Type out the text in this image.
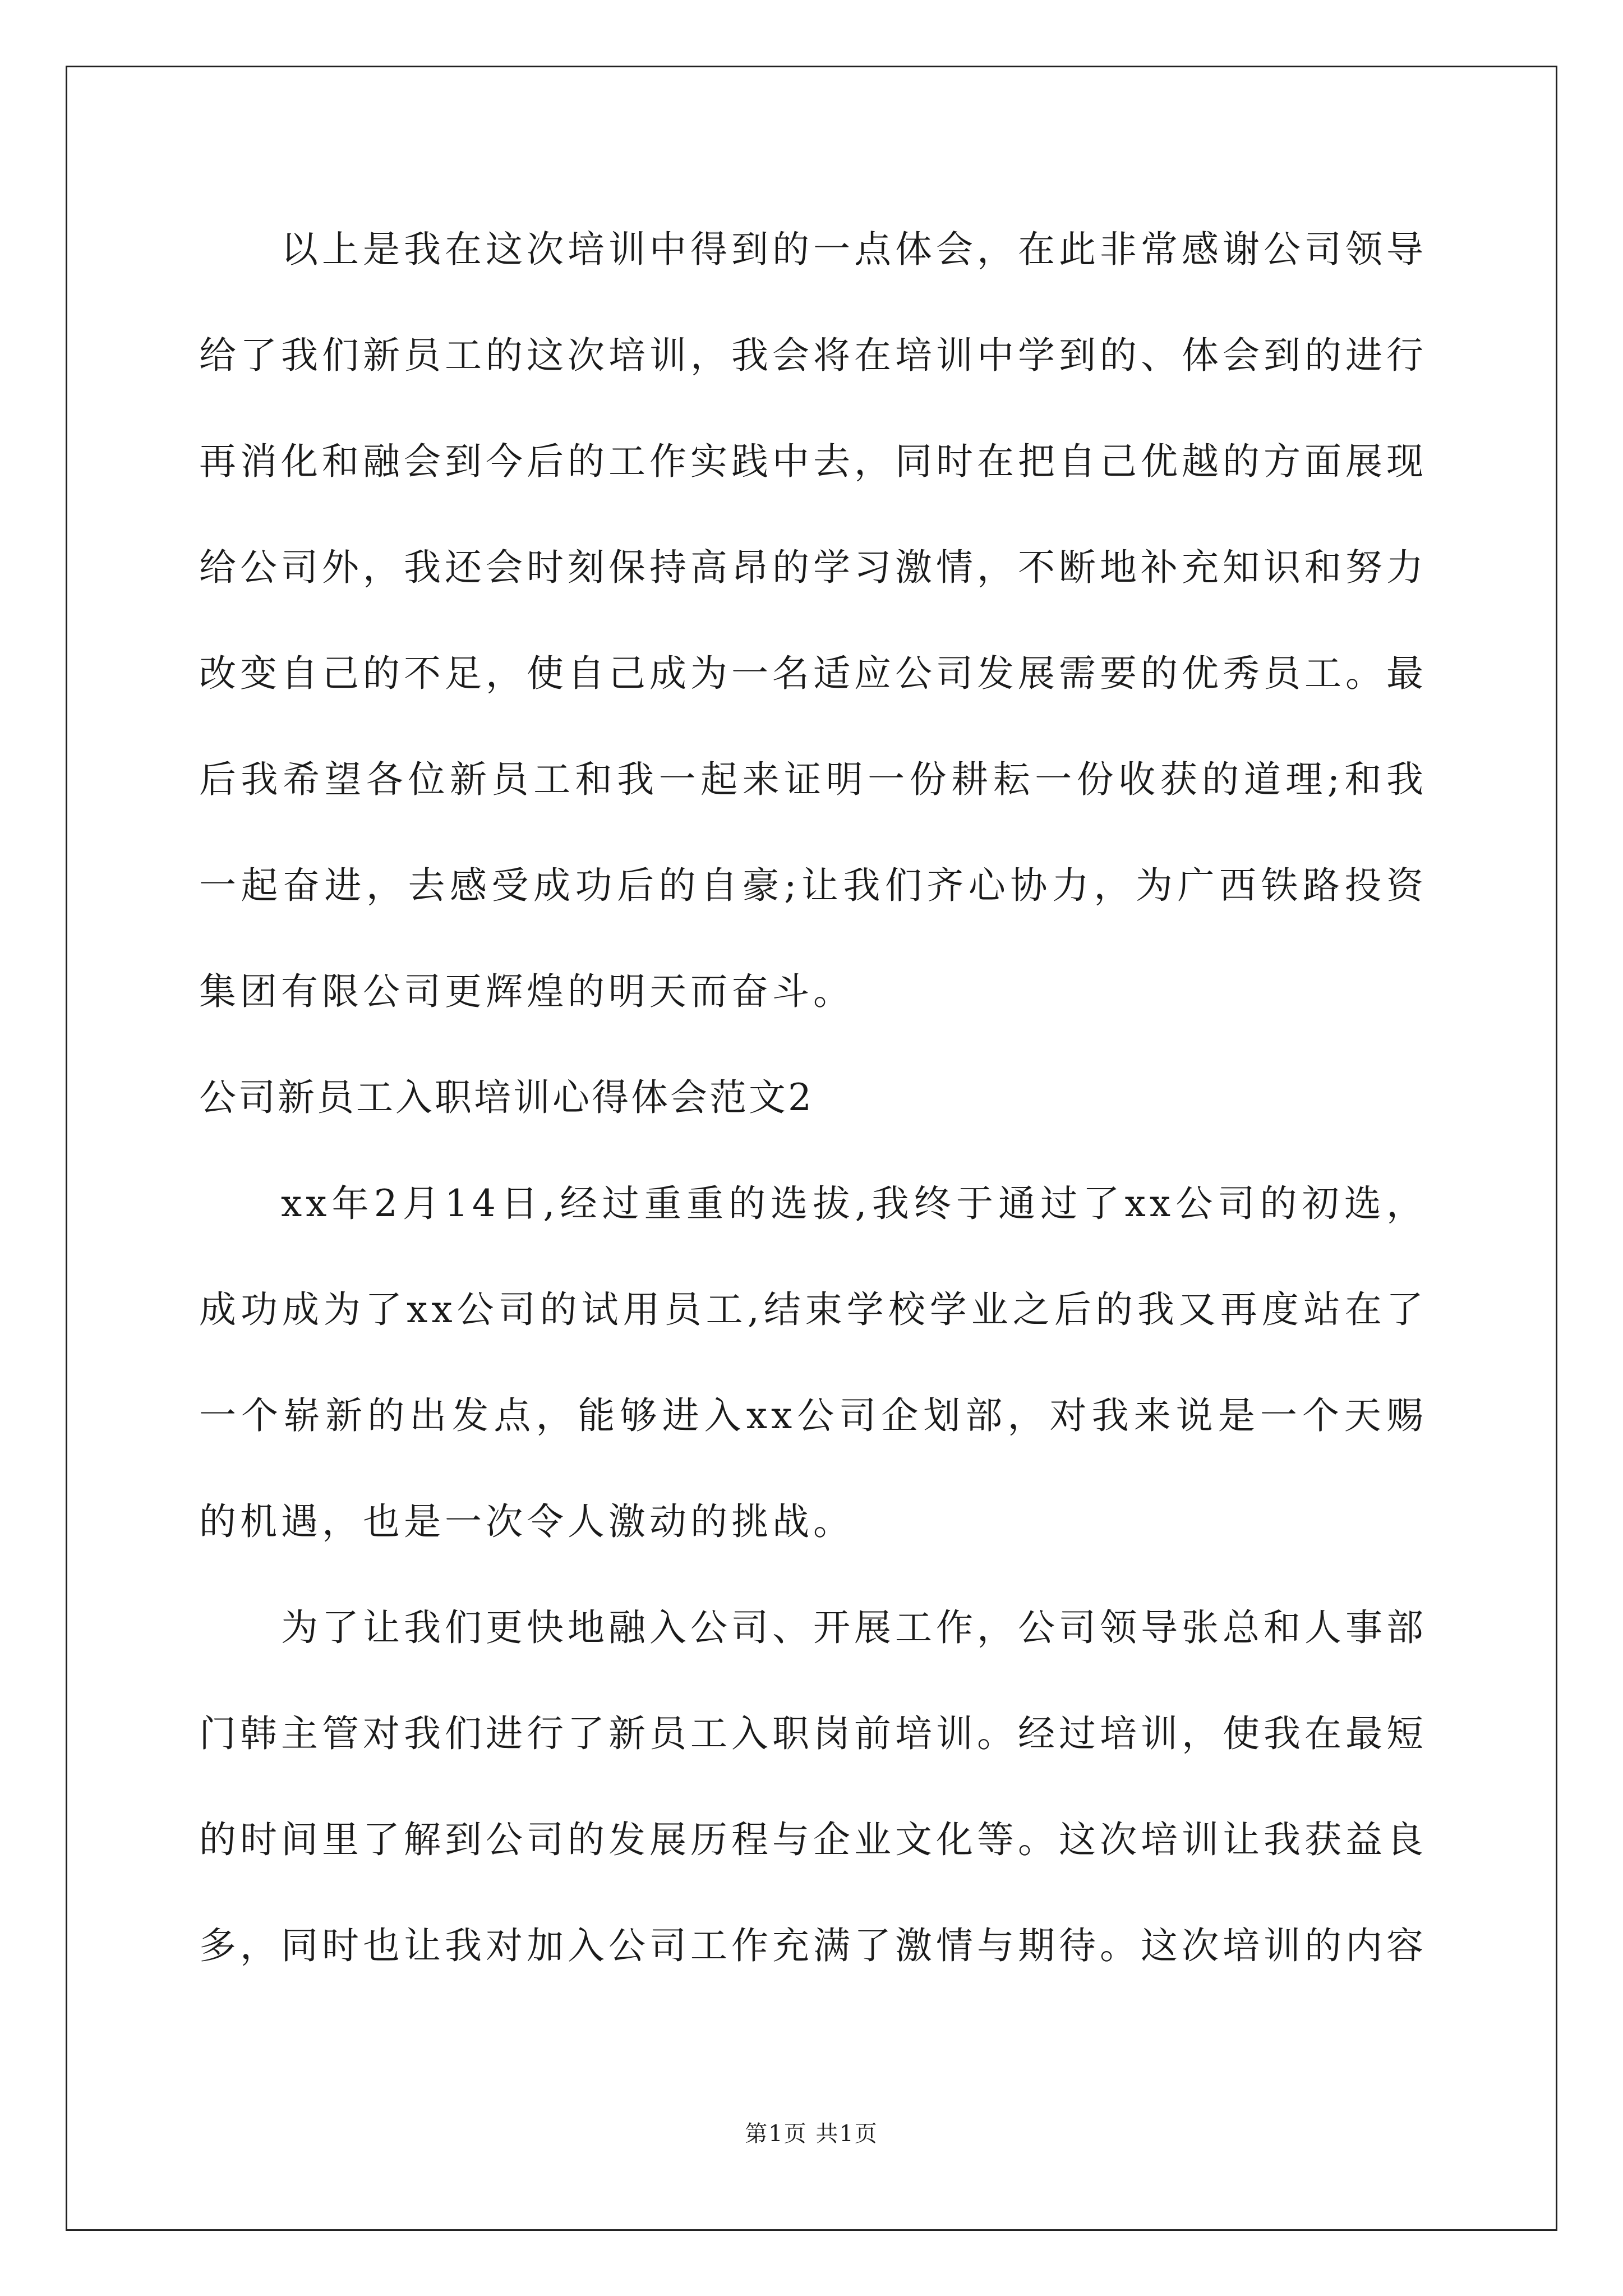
以上是我在这次培训中得到的一点体会，在此非常感谢公司领导给了我们新员工的这次培训，我会将在培训中学到的、体会到的进行再消化和融会到今后的工作实践中去，同时在把自己优越的方面展现给公司外，我还会时刻保持高昂的学习激情，不断地补充知识和努力改变自己的不足，使自己成为一名适应公司发展需要的优秀员工。最后我希望各位新员工和我一起来证明一份耕耘一份收获的道理;和我一起奋进，去感受成功后的自豪;让我们齐心协力，为广西铁路投资集团有限公司更辉煌的明天而奋斗。

公司新员工入职培训心得体会范文2

xx年2月14日,经过重重的选拔,我终于通过了xx公司的初选，成功成为了xx公司的试用员工,结束学校学业之后的我又再度站在了一个崭新的出发点，能够进入xx公司企划部，对我来说是一个天赐的机遇，也是一次令人激动的挑战。

为了让我们更快地融入公司、开展工作，公司领导张总和人事部门韩主管对我们进行了新员工入职岗前培训。经过培训，使我在最短的时间里了解到公司的发展历程与企业文化等。这次培训让我获益良多，同时也让我对加入公司工作充满了激情与期待。这次培训的内容

第1页 共1页
